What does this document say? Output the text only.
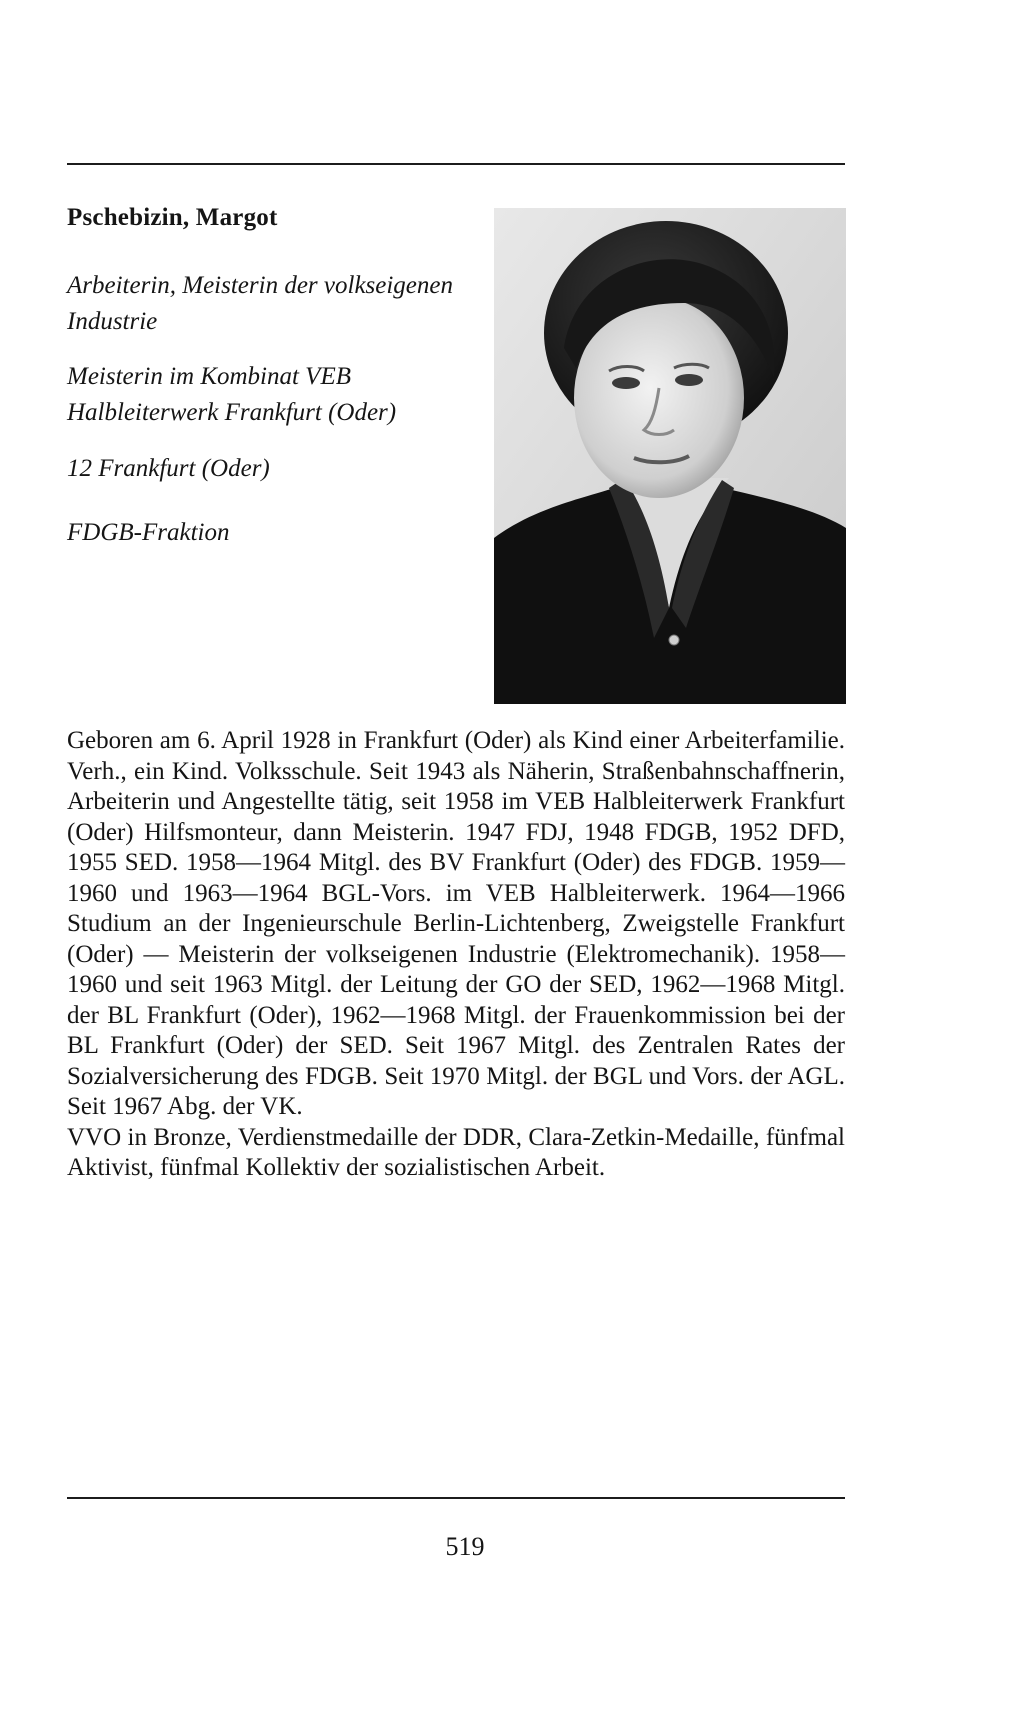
Pschebizin, Margot
Arbeiterin, Meisterin der volkseigenen Industrie
Meisterin im Kombinat VEB Halbleiterwerk Frankfurt (Oder)
12 Frankfurt (Oder)
FDGB-Fraktion

Geboren am 6. April 1928 in Frankfurt (Oder) als Kind einer Arbeiterfamilie. Verh., ein Kind. Volksschule. Seit 1943 als Näherin, Straßenbahnschaffnerin, Arbeiterin und Angestellte tätig, seit 1958 im VEB Halbleiterwerk Frankfurt (Oder) Hilfsmonteur, dann Meisterin. 1947 FDJ, 1948 FDGB, 1952 DFD, 1955 SED. 1958—1964 Mitgl. des BV Frankfurt (Oder) des FDGB. 1959—1960 und 1963—1964 BGL-Vors. im VEB Halbleiterwerk. 1964—1966 Studium an der Ingenieurschule Berlin-Lichtenberg, Zweigstelle Frankfurt (Oder) — Meisterin der volkseigenen Industrie (Elektromechanik). 1958—1960 und seit 1963 Mitgl. der Leitung der GO der SED, 1962—1968 Mitgl. der BL Frankfurt (Oder), 1962—1968 Mitgl. der Frauenkommission bei der BL Frankfurt (Oder) der SED. Seit 1967 Mitgl. des Zentralen Rates der Sozialversicherung des FDGB. Seit 1970 Mitgl. der BGL und Vors. der AGL. Seit 1967 Abg. der VK.

VVO in Bronze, Verdienstmedaille der DDR, Clara-Zetkin-Medaille, fünfmal Aktivist, fünfmal Kollektiv der sozialistischen Arbeit.

519
